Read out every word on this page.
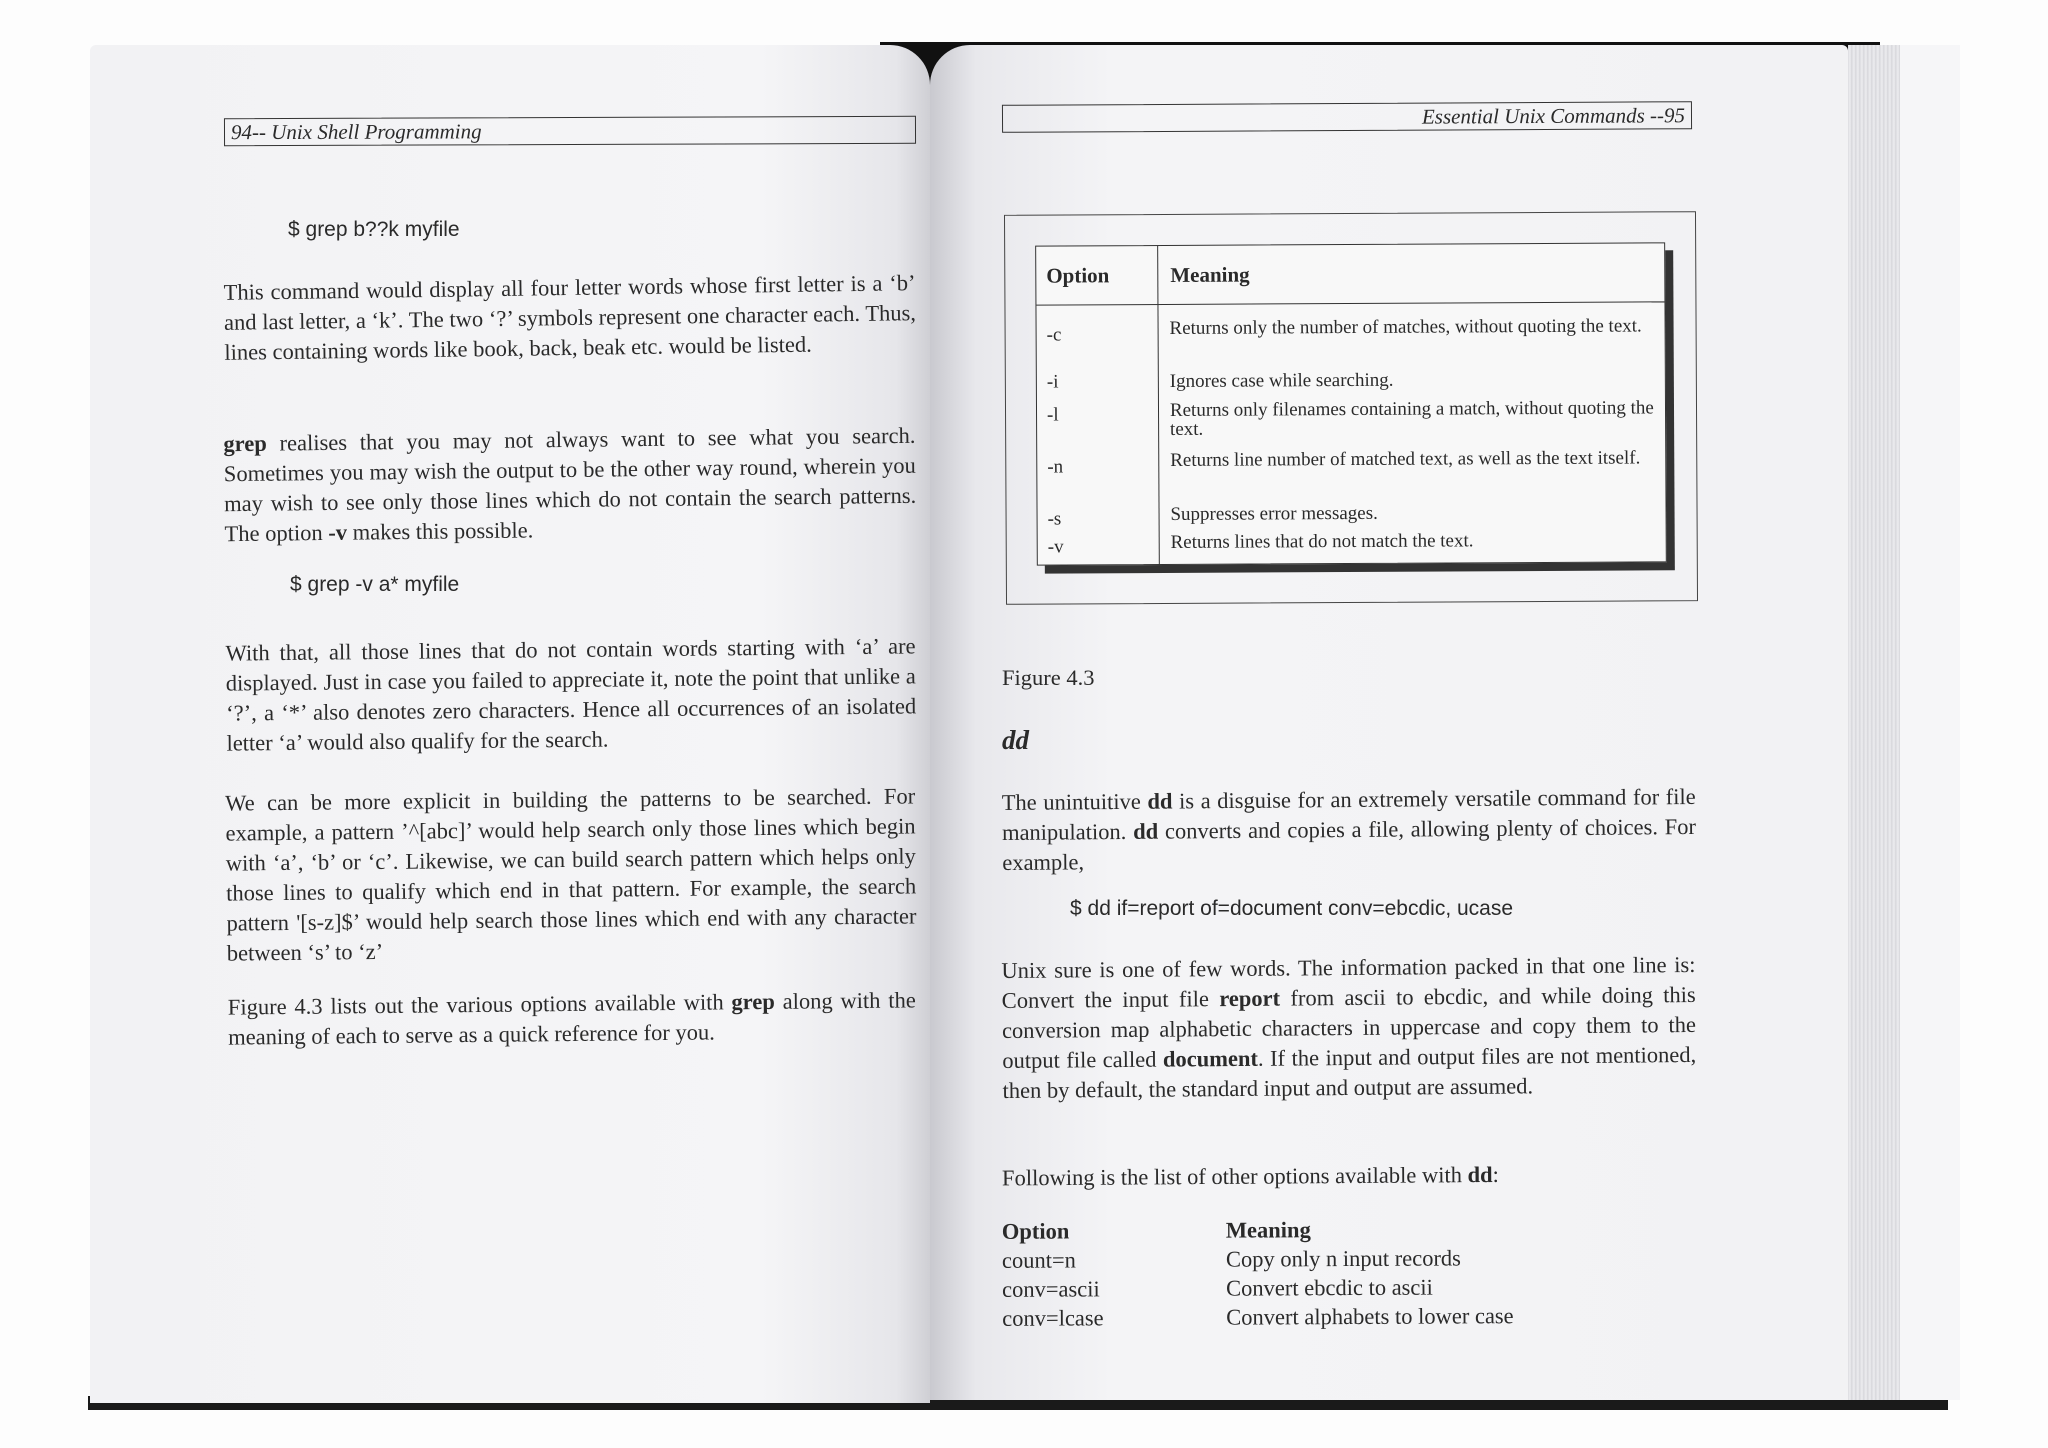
94-- Unix Shell Programming
$ grep b??k myfile

This command would display all four letter words whose first letter is a ‘b’ and last letter, a ‘k’. The two ‘?’ symbols represent one character each. Thus, lines containing words like book, back, beak etc. would be listed.

grep realises that you may not always want to see what you search. Sometimes you may wish the output to be the other way round, wherein you may wish to see only those lines which do not contain the search patterns. The option -v makes this possible.

$ grep -v a* myfile

With that, all those lines that do not contain words starting with ‘a’ are displayed. Just in case you failed to appreciate it, note the point that unlike a ‘?’, a ‘*’ also denotes zero characters. Hence all occurrences of an isolated letter ‘a’ would also qualify for the search.

We can be more explicit in building the patterns to be searched. For example, a pattern ’^[abc]’ would help search only those lines which begin with ‘a’, ‘b’ or ‘c’. Likewise, we can build search pattern which helps only those lines to qualify which end in that pattern. For example, the search pattern '[s-z]$’ would help search those lines which end with any character between ‘s’ to ‘z’

Figure 4.3 lists out the various options available with grep along with the meaning of each to serve as a quick reference for you.

Essential Unix Commands --95
Option	Meaning
-c	Returns only the number of matches, without quoting the text.
-i	Ignores case while searching.
-l	Returns only filenames containing a match, without quoting the text.
-n	Returns line number of matched text, as well as the text itself.
-s	Suppresses error messages.
-v	Returns lines that do not match the text.
Figure 4.3
dd

The unintuitive dd is a disguise for an extremely versatile command for file manipulation. dd converts and copies a file, allowing plenty of choices. For example,

$ dd if=report of=document conv=ebcdic, ucase

Unix sure is one of few words. The information packed in that one line is: Convert the input file report from ascii to ebcdic, and while doing this conversion map alphabetic characters in uppercase and copy them to the output file called document. If the input and output files are not mentioned, then by default, the standard input and output are assumed.

Following is the list of other options available with dd:

Option	Meaning
count=n	Copy only n input records
conv=ascii	Convert ebcdic to ascii
conv=lcase	Convert alphabets to lower case
